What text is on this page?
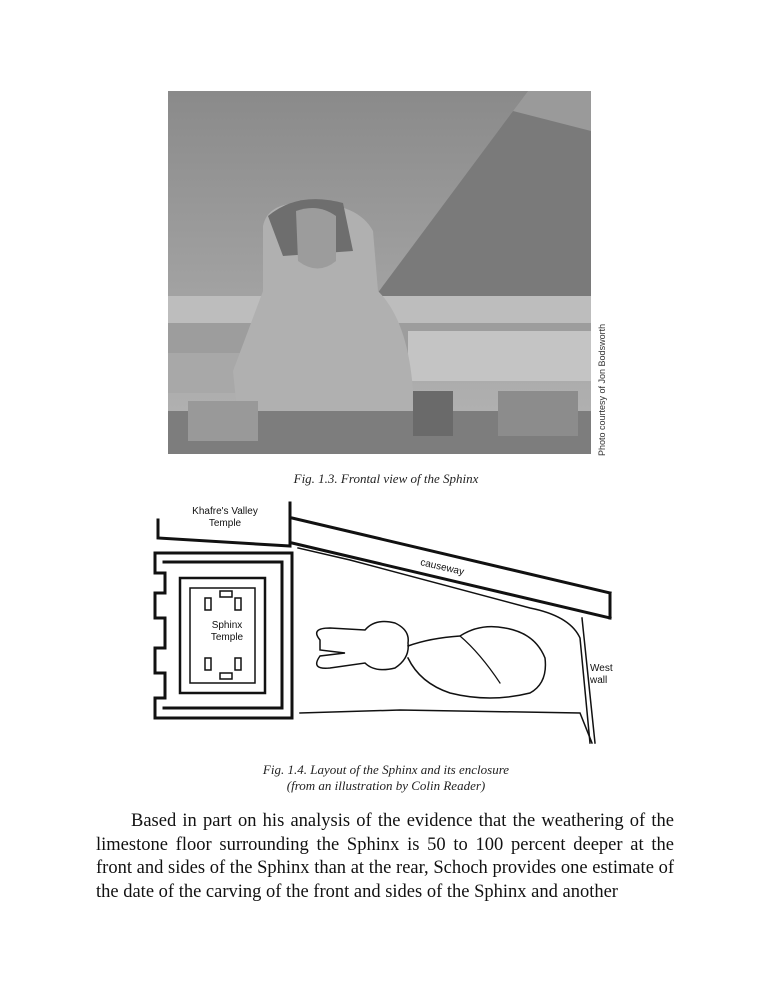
Photo courtesy of Jon Bodsworth
Fig. 1.3. Frontal view of the Sphinx
Khafre's Valley
Temple
causeway
Sphinx
Temple
West
wall
Fig. 1.4. Layout of the Sphinx and its enclosure
(from an illustration by Colin Reader)

Based in part on his analysis of the evidence that the weathering of the limestone floor surrounding the Sphinx is 50 to 100 percent deeper at the front and sides of the Sphinx than at the rear, Schoch provides one estimate of the date of the carving of the front and sides of the Sphinx and another
